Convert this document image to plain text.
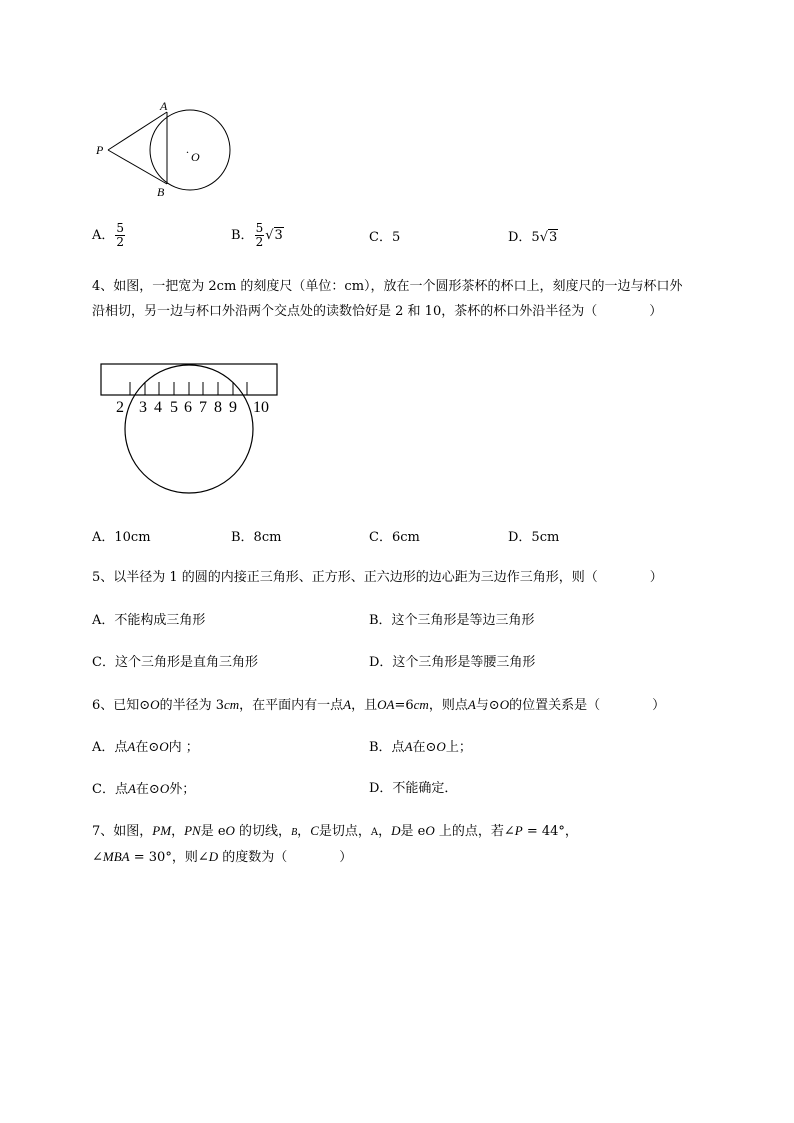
A
B
P	.
O
A． $\frac{5}{2}$	B． $\frac{5}{2} √3$	C．5	D．5√3
4、如图，一把宽为 2cm 的刻度尺（单位：cm），放在一个圆形茶杯的杯口上，刻度尺的一边与杯口外
沿相切，另一边与杯口外沿两个交点处的读数恰好是 2 和 10，茶杯的杯口外沿半径为（　　　　）
2 3 4 5 6 7 8 9 10
A．10cm	B．8cm	C．6cm	D．5cm
5、以半径为 1 的圆的内接正三角形、正方形、正六边形的边心距为三边作三角形，则（　　　　）
A．不能构成三角形	B．这个三角形是等边三角形
C．这个三角形是直角三角形	D．这个三角形是等腰三角形
6、已知⊙O的半径为 3cm，在平面内有一点A，且OA=6cm，则点A与⊙O的位置关系是（　　　　）
A．点A在⊙O内 ；	B．点A在⊙O上；
C．点A在⊙O外；	D．不能确定．
7、如图，PM，PN是 eO 的切线，B，C是切点，A，D是 eO 上的点，若∠P = 44°，
∠MBA = 30°，则∠D 的度数为（　　　　）
